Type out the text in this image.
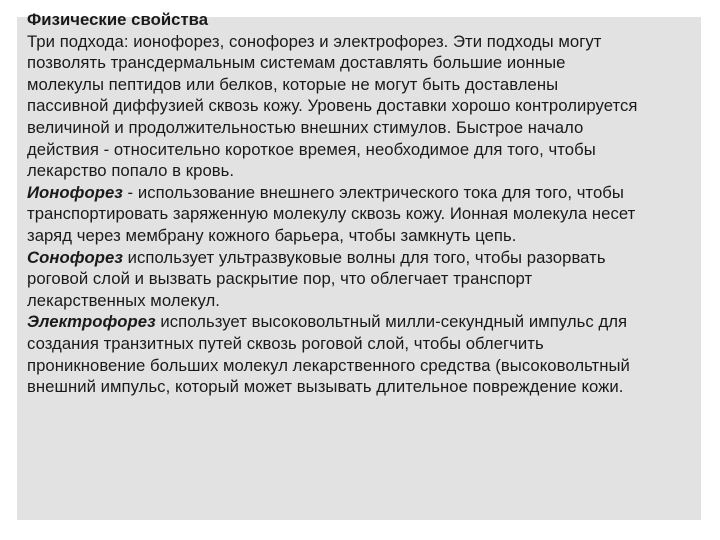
Физические свойства
Три подхода: ионофорез, сонофорез и электрофорез. Эти подходы могут
позволять трансдермальным системам доставлять большие ионные
молекулы пептидов или белков, которые не могут быть доставлены
пассивной диффузией сквозь кожу. Уровень доставки хорошо контролируется
величиной и продолжительностью внешних стимулов. Быстрое начало
действия - относительно короткое времея, необходимое для того, чтобы
лекарство попало в кровь.
Ионофорез - использование внешнего электрического тока для того, чтобы
транспортировать заряженную молекулу сквозь кожу. Ионная молекула несет
заряд через мембрану кожного барьера, чтобы замкнуть цепь.
Сонофорез использует ультразвуковые волны для того, чтобы разорвать
роговой слой и вызвать раскрытие пор, что облегчает транспорт
лекарственных молекул.
Электрофорез использует высоковольтный милли-секундный импульс для
создания транзитных путей сквозь роговой слой, чтобы облегчить
проникновение больших молекул лекарственного средства (высоковольтный
внешний импульс, который может вызывать длительное повреждение кожи.
